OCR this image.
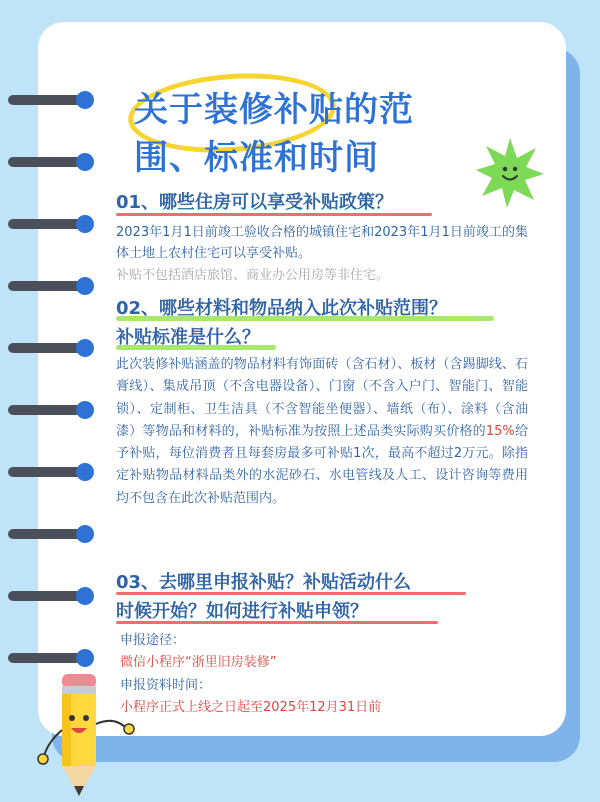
关于装修补贴的范围、标准和时间
01、哪些住房可以享受补贴政策？

2023年1月1日前竣工验收合格的城镇住宅和2023年1月1日前竣工的集体土地上农村住宅可以享受补贴。

补贴不包括酒店旅馆、商业办公用房等非住宅。

02、哪些材料和物品纳入此次补贴范围？
补贴标准是什么？

此次装修补贴涵盖的物品材料有饰面砖（含石材）、板材（含踢脚线、石膏线）、集成吊顶（不含电器设备）、门窗（不含入户门、智能门、智能锁）、定制柜、卫生洁具（不含智能坐便器）、墙纸（布）、涂料（含油漆）等物品和材料的，补贴标准为按照上述品类实际购买价格的15%给予补贴，每位消费者且每套房最多可补贴1次，最高不超过2万元。除指定补贴物品材料品类外的水泥砂石、水电管线及人工、设计咨询等费用均不包含在此次补贴范围内。

03、去哪里申报补贴？补贴活动什么
时候开始？如何进行补贴申领？

申报途径：

微信小程序“浙里旧房装修”

申报资料时间：

小程序正式上线之日起至2025年12月31日前
